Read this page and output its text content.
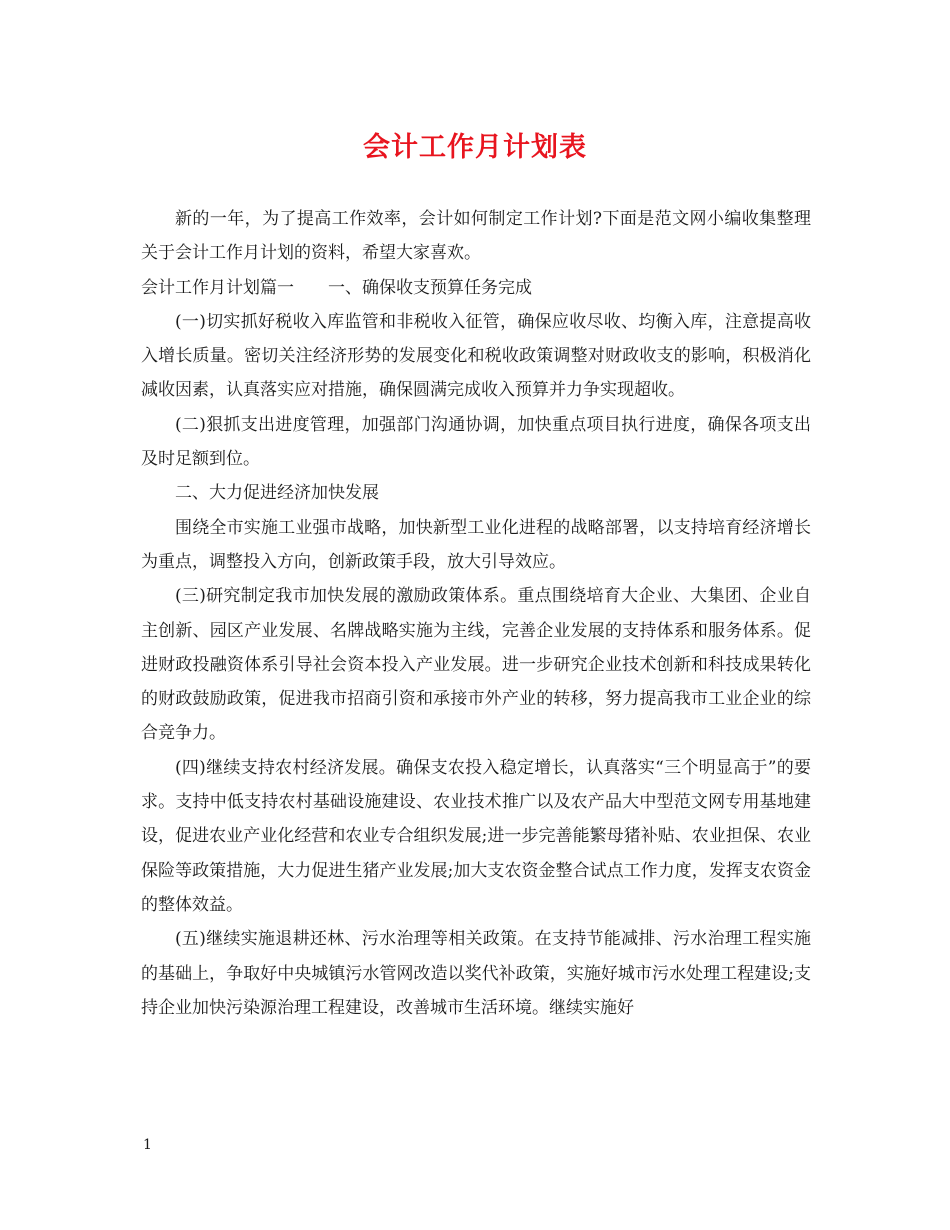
会计工作月计划表

新的一年，为了提高工作效率，会计如何制定工作计划?下面是范文网小编收集整理关于会计工作月计划的资料，希望大家喜欢。

会计工作月计划篇一 一、确保收支预算任务完成

(一)切实抓好税收入库监管和非税收入征管，确保应收尽收、均衡入库，注意提高收入增长质量。密切关注经济形势的发展变化和税收政策调整对财政收支的影响，积极消化减收因素，认真落实应对措施，确保圆满完成收入预算并力争实现超收。

(二)狠抓支出进度管理，加强部门沟通协调，加快重点项目执行进度，确保各项支出及时足额到位。

二、大力促进经济加快发展

围绕全市实施工业强市战略，加快新型工业化进程的战略部署，以支持培育经济增长为重点，调整投入方向，创新政策手段，放大引导效应。

(三)研究制定我市加快发展的激励政策体系。重点围绕培育大企业、大集团、企业自主创新、园区产业发展、名牌战略实施为主线，完善企业发展的支持体系和服务体系。促进财政投融资体系引导社会资本投入产业发展。进一步研究企业技术创新和科技成果转化的财政鼓励政策，促进我市招商引资和承接市外产业的转移，努力提高我市工业企业的综合竞争力。

(四)继续支持农村经济发展。确保支农投入稳定增长，认真落实“三个明显高于”的要求。支持中低支持农村基础设施建设、农业技术推广以及农产品大中型范文网专用基地建设，促进农业产业化经营和农业专合组织发展;进一步完善能繁母猪补贴、农业担保、农业保险等政策措施，大力促进生猪产业发展;加大支农资金整合试点工作力度，发挥支农资金的整体效益。

(五)继续实施退耕还林、污水治理等相关政策。在支持节能减排、污水治理工程实施的基础上，争取好中央城镇污水管网改造以奖代补政策，实施好城市污水处理工程建设;支持企业加快污染源治理工程建设，改善城市生活环境。继续实施好

1
